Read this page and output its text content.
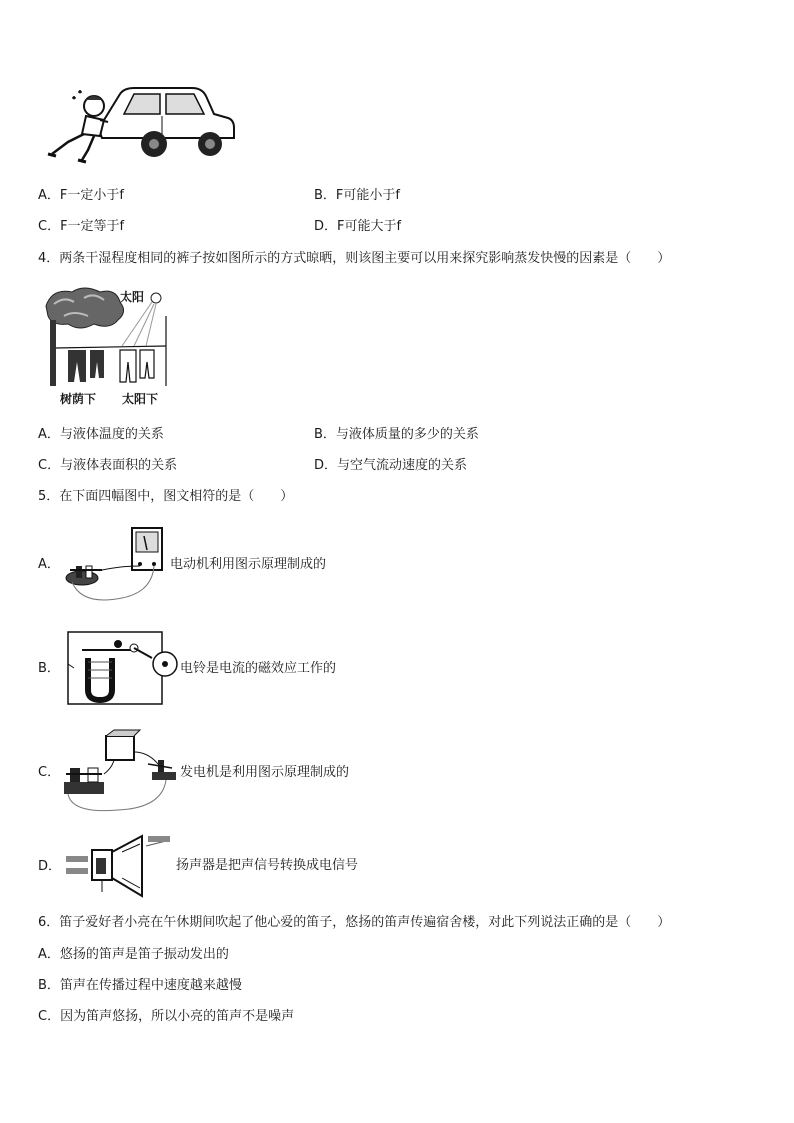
A．F一定小于f	B．F可能小于f
C．F一定等于f	D．F可能大于f
4．两条干湿程度相同的裤子按如图所示的方式晾晒，则该图主要可以用来探究影响蒸发快慢的因素是（　　）
太阳
树荫下 太阳下
A．与液体温度的关系	B．与液体质量的多少的关系
C．与液体表面积的关系	D．与空气流动速度的关系
5．在下面四幅图中，图文相符的是（　　）
A．	电动机利用图示原理制成的
B．	电铃是电流的磁效应工作的
C．	发电机是利用图示原理制成的
D．	扬声器是把声信号转换成电信号
6．笛子爱好者小亮在午休期间吹起了他心爱的笛子，悠扬的笛声传遍宿舍楼，对此下列说法正确的是（　　）
A．悠扬的笛声是笛子振动发出的
B．笛声在传播过程中速度越来越慢
C．因为笛声悠扬，所以小亮的笛声不是噪声
